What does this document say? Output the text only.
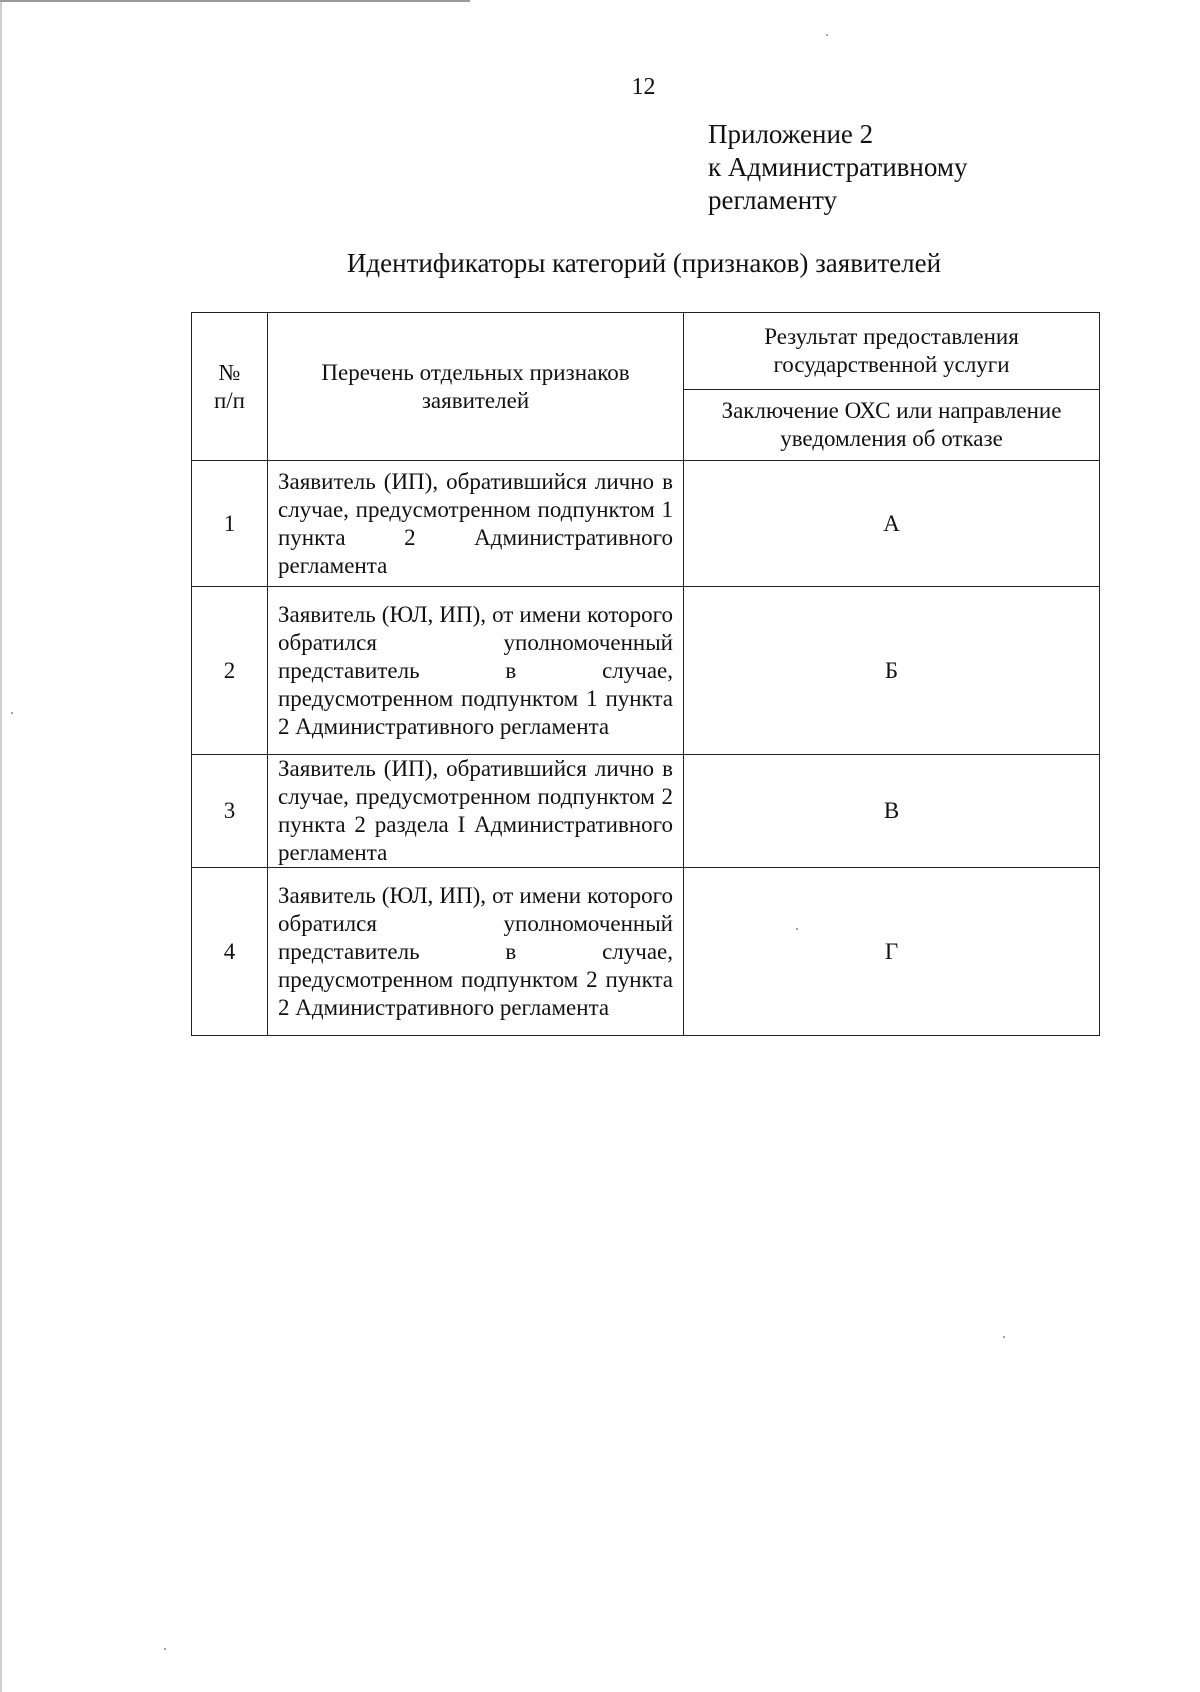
12
Приложение 2
к Административному
регламенту
Идентификаторы категорий (признаков) заявителей
№
п/п	Перечень отдельных признаков заявителей	Результат предоставления государственной услуги
		Заключение ОХС или направление уведомления об отказе
1	Заявитель (ИП), обратившийся лично в случае, предусмотренном подпунктом 1 пункта 2 Административного регламента	А
2	Заявитель (ЮЛ, ИП), от имени которого обратился уполномоченный представитель в случае, предусмотренном подпунктом 1 пункта 2 Административного регламента	Б
3	Заявитель (ИП), обратившийся лично в случае, предусмотренном подпунктом 2 пункта 2 раздела I Административного регламента	В
4	Заявитель (ЮЛ, ИП), от имени которого обратился уполномоченный представитель в случае, предусмотренном подпунктом 2 пункта 2 Административного регламента	Г
